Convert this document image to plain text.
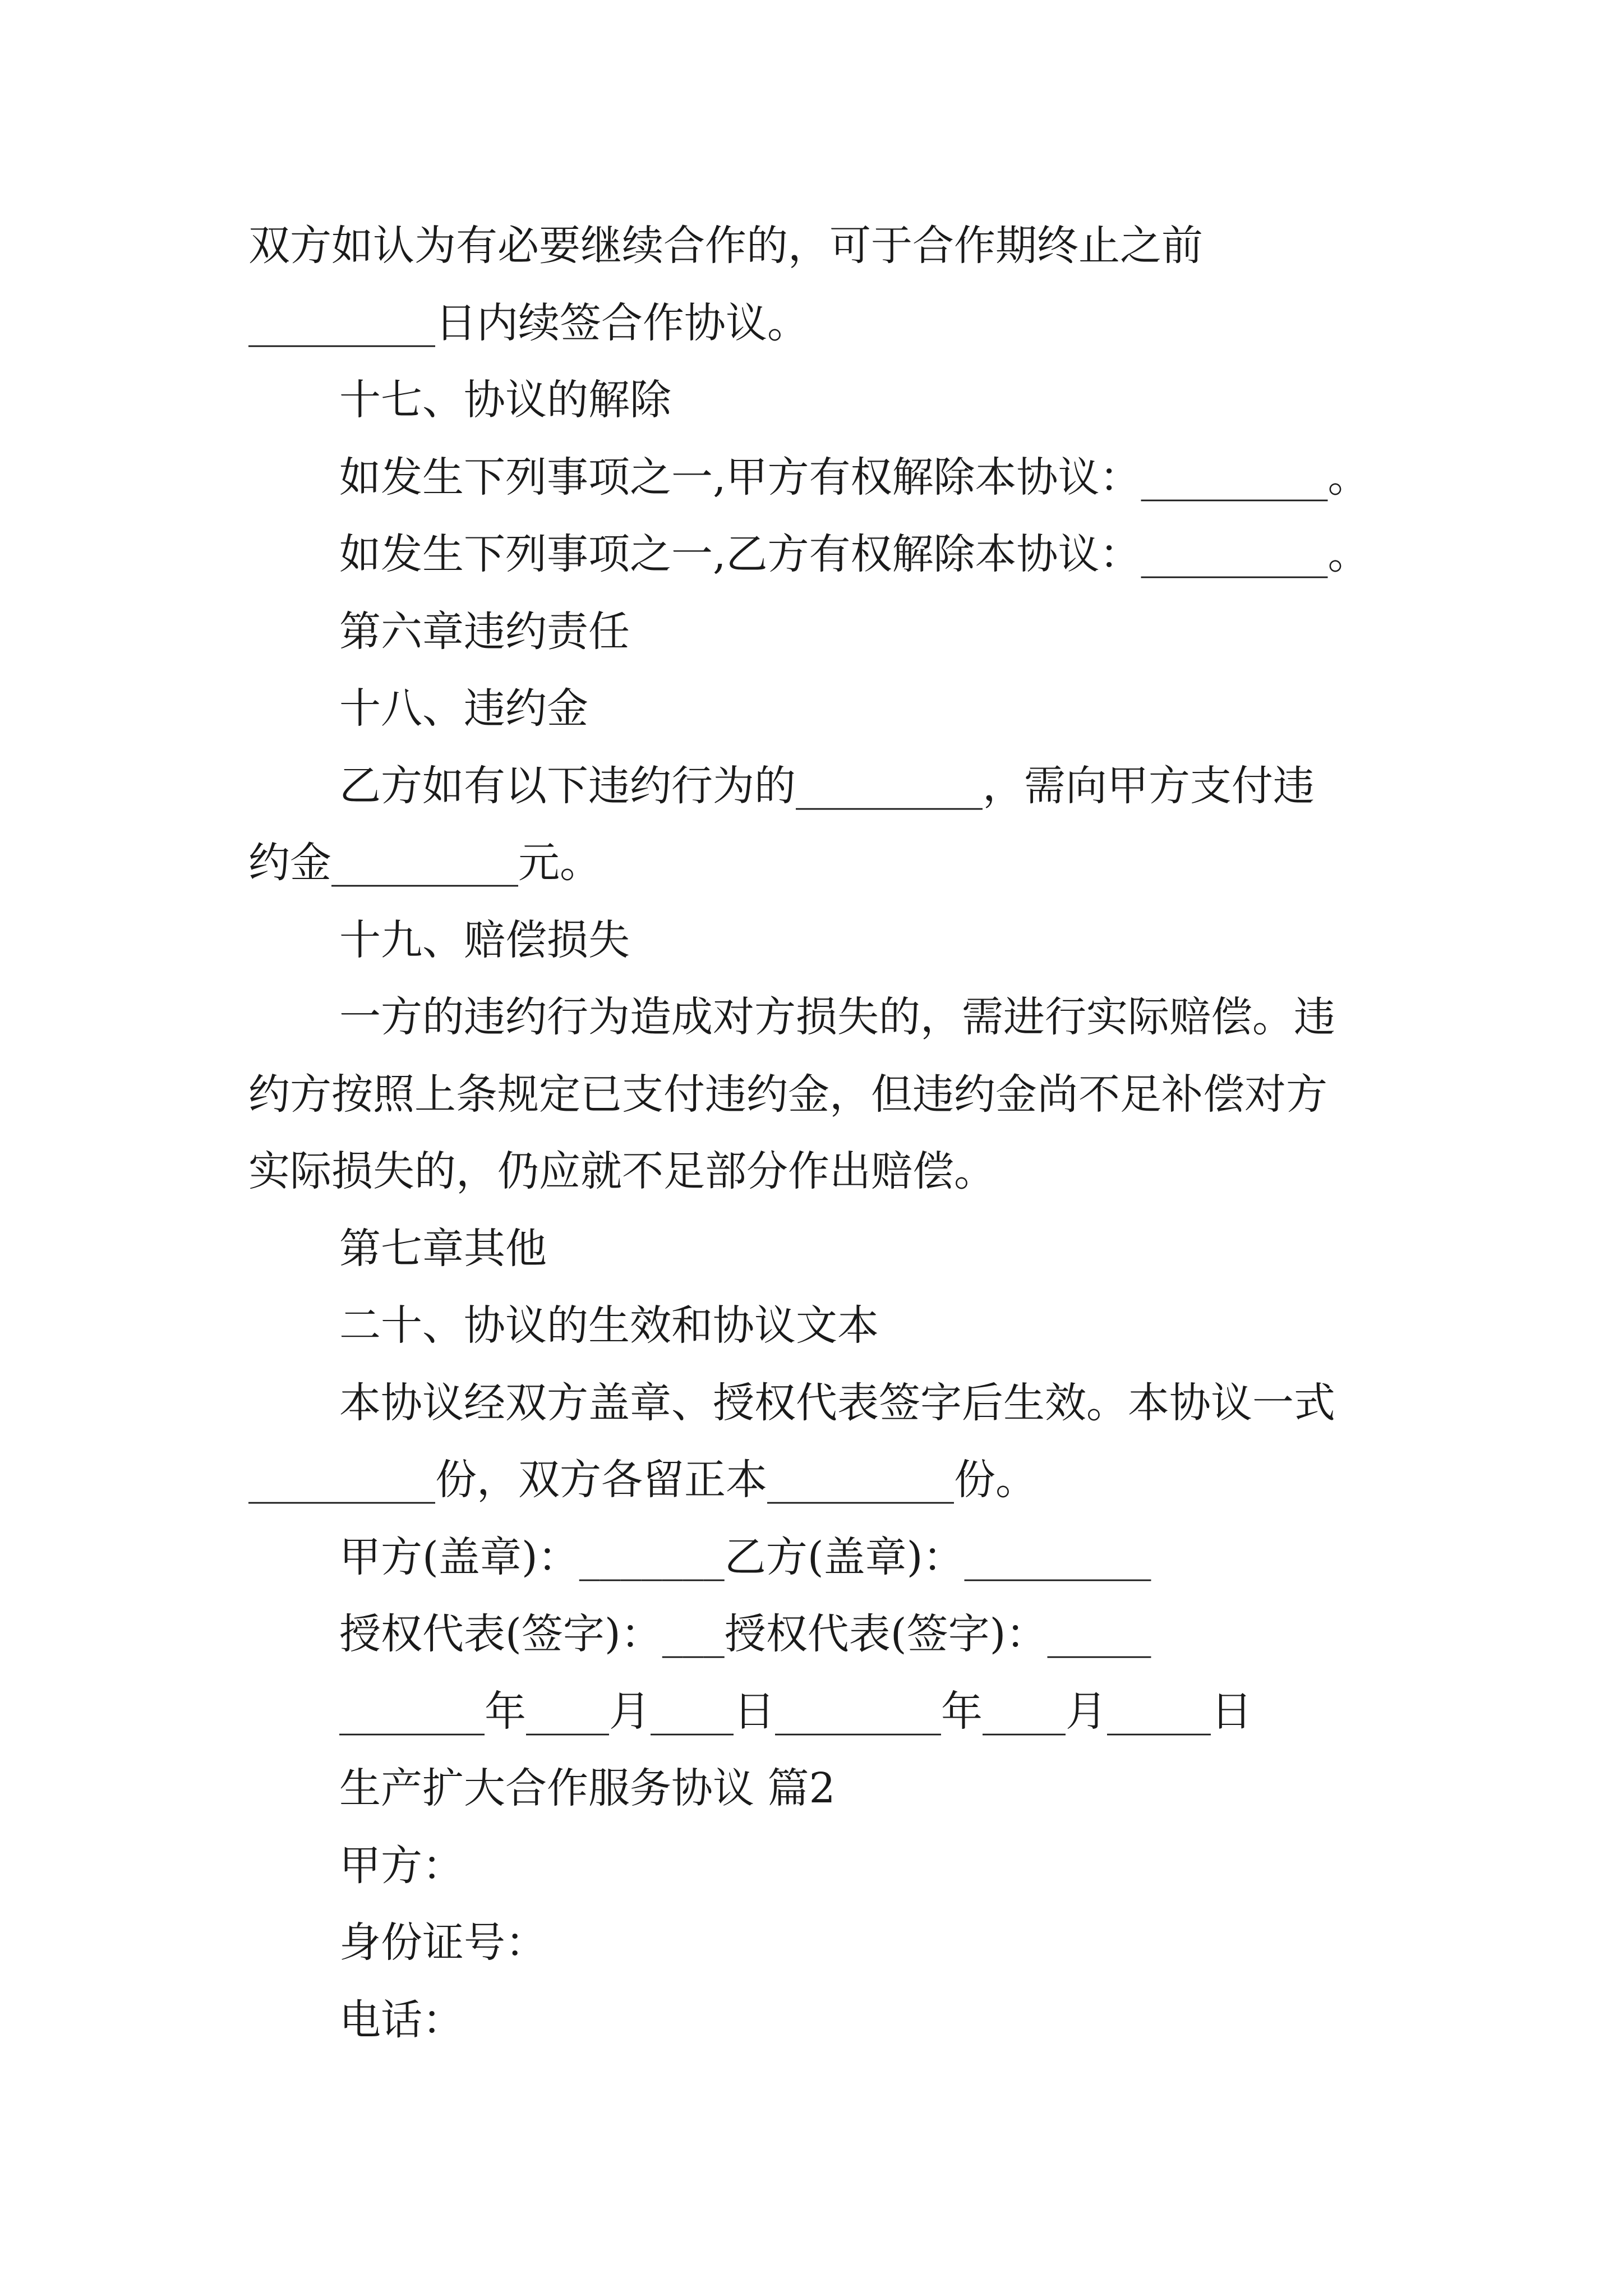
双方如认为有必要继续合作的，可于合作期终止之前
_________日内续签合作协议。
十七、协议的解除
如发生下列事项之一,甲方有权解除本协议：_________。
如发生下列事项之一,乙方有权解除本协议：_________。
第六章违约责任
十八、违约金
乙方如有以下违约行为的_________，需向甲方支付违
约金_________元。
十九、赔偿损失
一方的违约行为造成对方损失的，需进行实际赔偿。违
约方按照上条规定已支付违约金，但违约金尚不足补偿对方
实际损失的，仍应就不足部分作出赔偿。
第七章其他
二十、协议的生效和协议文本
本协议经双方盖章、授权代表签字后生效。本协议一式
_________份，双方各留正本_________份。
甲方(盖章)：_______乙方(盖章)：_________
授权代表(签字)：___授权代表(签字)：_____
_______年____月____日________年____月_____日
生产扩大合作服务协议 篇2
甲方：
身份证号：
电话：
